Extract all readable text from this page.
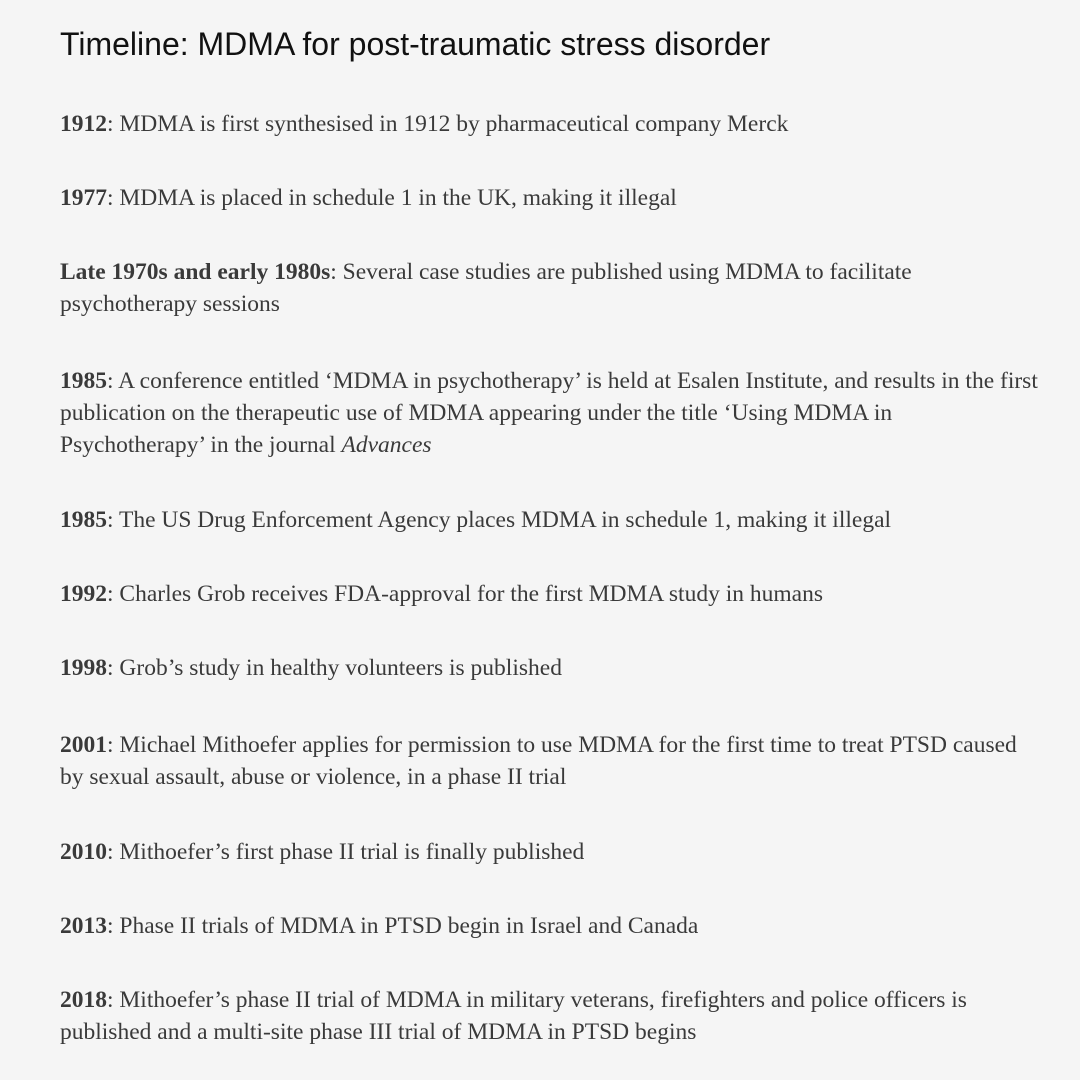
Timeline: MDMA for post-traumatic stress disorder

1912: MDMA is first synthesised in 1912 by pharmaceutical company Merck

1977: MDMA is placed in schedule 1 in the UK, making it illegal

Late 1970s and early 1980s: Several case studies are published using MDMA to facilitate psychotherapy sessions

1985: A conference entitled ‘MDMA in psychotherapy’ is held at Esalen Institute, and results in the first publication on the therapeutic use of MDMA appearing under the title ‘Using MDMA in Psychotherapy’ in the journal Advances

1985: The US Drug Enforcement Agency places MDMA in schedule 1, making it illegal

1992: Charles Grob receives FDA-approval for the first MDMA study in humans

1998: Grob’s study in healthy volunteers is published

2001: Michael Mithoefer applies for permission to use MDMA for the first time to treat PTSD caused by sexual assault, abuse or violence, in a phase II trial

2010: Mithoefer’s first phase II trial is finally published

2013: Phase II trials of MDMA in PTSD begin in Israel and Canada

2018: Mithoefer’s phase II trial of MDMA in military veterans, firefighters and police officers is published and a multi-site phase III trial of MDMA in PTSD begins
